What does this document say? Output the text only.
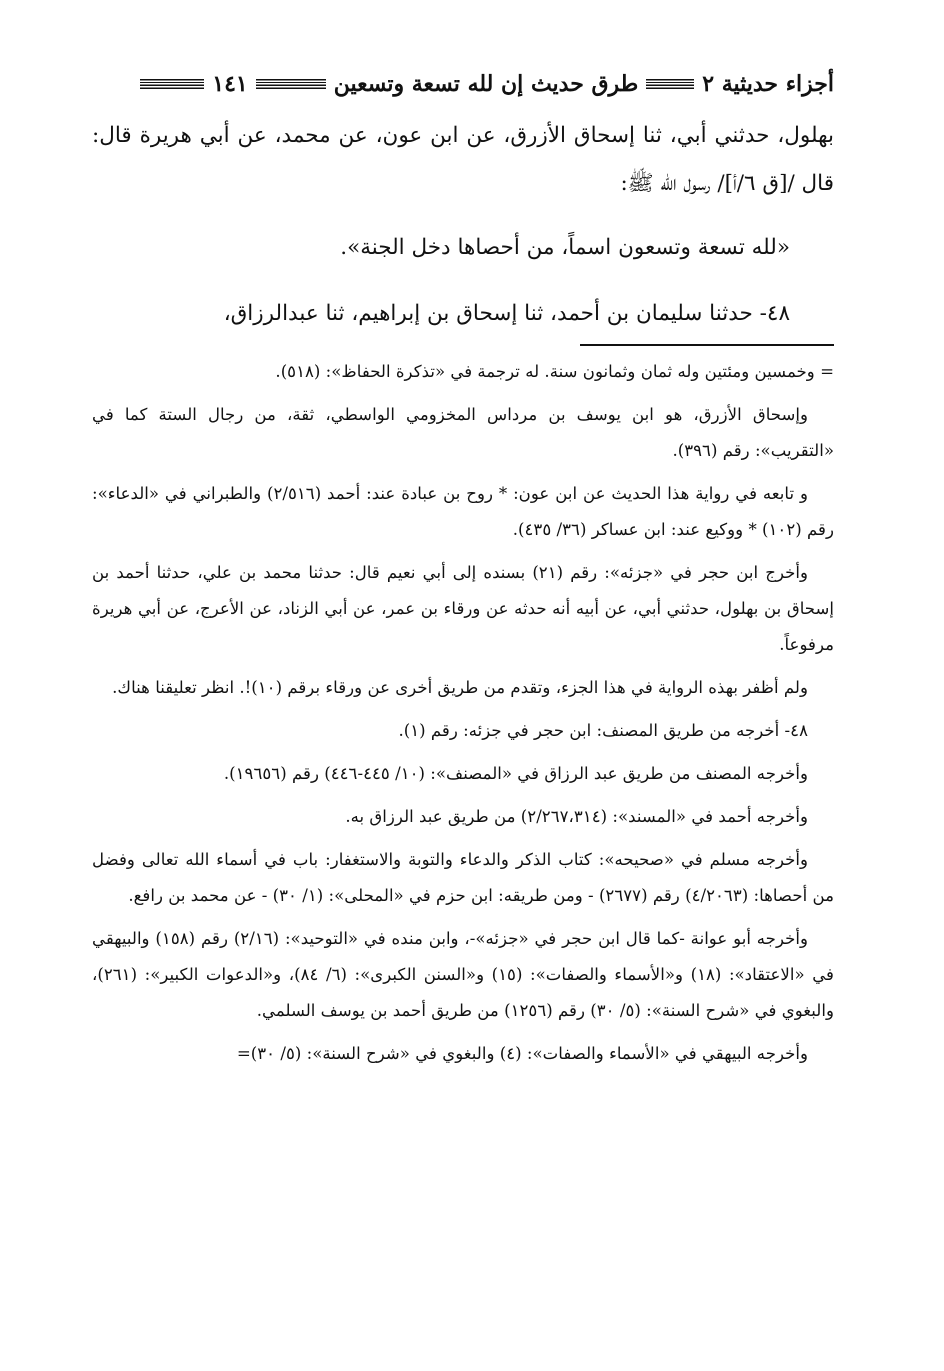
أجزاء حديثية ٢
طرق حديث إن لله تسعة وتسعين
١٤١

بهلول، حدثني أبي، ثنا إسحاق الأزرق، عن ابن عون، عن محمد، عن أبي هريرة قال: قال /[ق ٦/أ]/ رسول الله ﷺ:

«لله تسعة وتسعون اسماً، من أحصاها دخل الجنة».

٤٨- حدثنا سليمان بن أحمد، ثنا إسحاق بن إبراهيم، ثنا عبدالرزاق،

= وخمسين ومئتين وله ثمان وثمانون سنة. له ترجمة في «تذكرة الحفاظ»: (٥١٨).

وإسحاق الأزرق، هو ابن يوسف بن مرداس المخزومي الواسطي، ثقة، من رجال الستة كما في «التقريب»: رقم (٣٩٦).

و تابعه في رواية هذا الحديث عن ابن عون: * روح بن عبادة عند: أحمد (٢/٥١٦) والطبراني في «الدعاء»: رقم (١٠٢) * ووكيع عند: ابن عساكر (٣٦/ ٤٣٥).

وأخرج ابن حجر في «جزئه»: رقم (٢١) بسنده إلى أبي نعيم قال: حدثنا محمد بن علي، حدثنا أحمد بن إسحاق بن بهلول، حدثني أبي، عن أبيه أنه حدثه عن ورقاء بن عمر، عن أبي الزناد، عن الأعرج، عن أبي هريرة مرفوعاً.

ولم أظفر بهذه الرواية في هذا الجزء، وتقدم من طريق أخرى عن ورقاء برقم (١٠)!. انظر تعليقنا هناك.

٤٨- أخرجه من طريق المصنف: ابن حجر في جزئه: رقم (١).

وأخرجه المصنف من طريق عبد الرزاق في «المصنف»: (١٠/ ٤٤٥-٤٤٦) رقم (١٩٦٥٦).

وأخرجه أحمد في «المسند»: (٢/٢٦٧،٣١٤) من طريق عبد الرزاق به.

وأخرجه مسلم في «صحيحه»: كتاب الذكر والدعاء والتوبة والاستغفار: باب في أسماء الله تعالى وفضل من أحصاها: (٤/٢٠٦٣) رقم (٢٦٧٧) - ومن طريقه: ابن حزم في «المحلى»: (١/ ٣٠) - عن محمد بن رافع.

وأخرجه أبو عوانة -كما قال ابن حجر في «جزئه»-، وابن منده في «التوحيد»: (٢/١٦) رقم (١٥٨) والبيهقي في «الاعتقاد»: (١٨) و«الأسماء والصفات»: (١٥) و«السنن الكبرى»: (٦/ ٨٤)، و«الدعوات الكبير»: (٢٦١)، والبغوي في «شرح السنة»: (٥/ ٣٠) رقم (١٢٥٦) من طريق أحمد بن يوسف السلمي.

وأخرجه البيهقي في «الأسماء والصفات»: (٤) والبغوي في «شرح السنة»: (٥/ ٣٠)=
